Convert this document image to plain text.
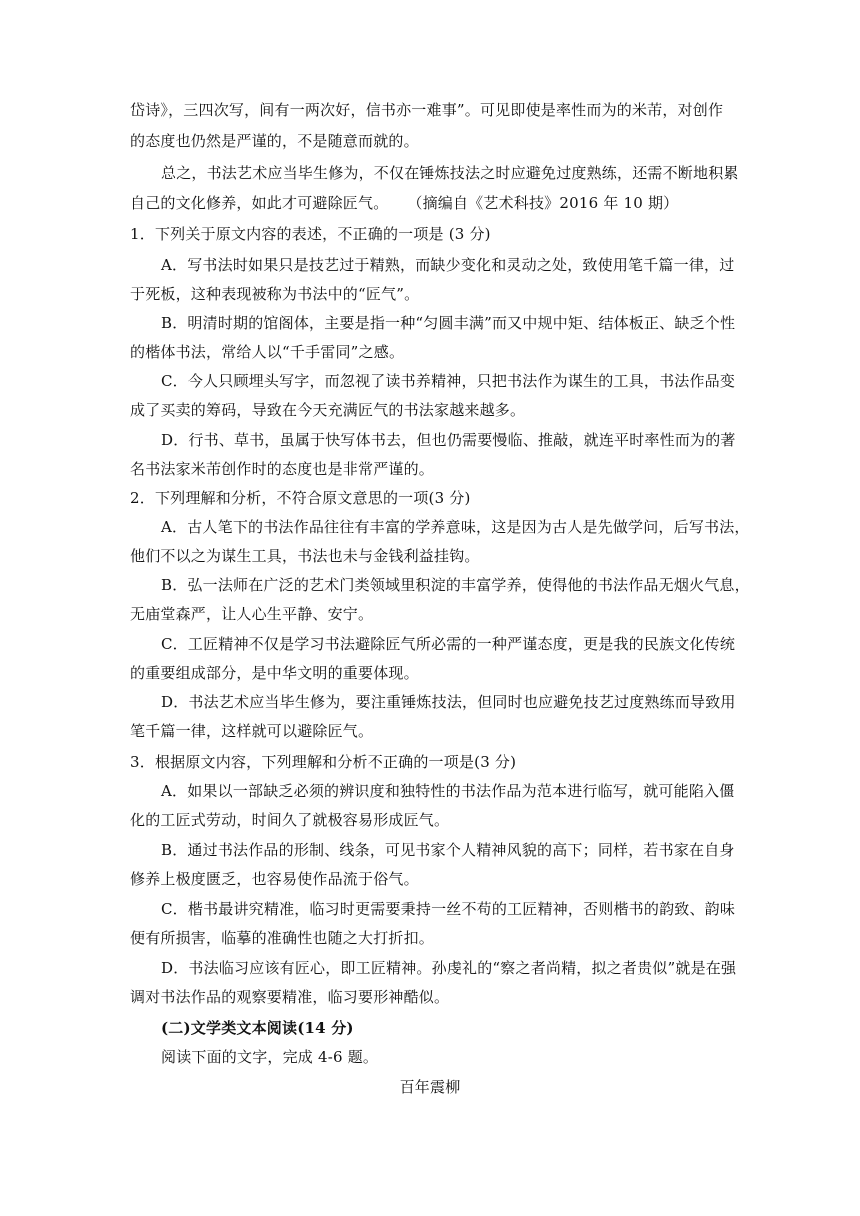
岱诗》，三四次写，间有一两次好，信书亦一难事”。可见即使是率性而为的米芾，对创作
的态度也仍然是严谨的，不是随意而就的。
总之，书法艺术应当毕生修为，不仅在锤炼技法之时应避免过度熟练，还需不断地积累
自己的文化修养，如此才可避除匠气。 （摘编自《艺术科技》2016 年 10 期）
1．下列关于原文内容的表述，不正确的一项是 (3 分)
A．写书法时如果只是技艺过于精熟，而缺少变化和灵动之处，致使用笔千篇一律，过
于死板，这种表现被称为书法中的“匠气”。
B．明清时期的馆阁体，主要是指一种“匀圆丰满”而又中规中矩、结体板正、缺乏个性
的楷体书法，常给人以“千手雷同”之感。
C．今人只顾埋头写字，而忽视了读书养精神，只把书法作为谋生的工具，书法作品变
成了买卖的筹码，导致在今天充满匠气的书法家越来越多。
D．行书、草书，虽属于快写体书去，但也仍需要慢临、推敲，就连平时率性而为的著
名书法家米芾创作时的态度也是非常严谨的。
2．下列理解和分析，不符合原文意思的一项(3 分)
A．古人笔下的书法作品往往有丰富的学养意味，这是因为古人是先做学问，后写书法，
他们不以之为谋生工具，书法也未与金钱利益挂钩。
B．弘一法师在广泛的艺术门类领域里积淀的丰富学养，使得他的书法作品无烟火气息，
无庙堂森严，让人心生平静、安宁。
C．工匠精神不仅是学习书法避除匠气所必需的一种严谨态度，更是我的民族文化传统
的重要组成部分，是中华文明的重要体现。
D．书法艺术应当毕生修为，要注重锤炼技法，但同时也应避免技艺过度熟练而导致用
笔千篇一律，这样就可以避除匠气。
3．根据原文内容，下列理解和分析不正确的一项是(3 分)
A．如果以一部缺乏必须的辨识度和独特性的书法作品为范本进行临写，就可能陷入僵
化的工匠式劳动，时间久了就极容易形成匠气。
B．通过书法作品的形制、线条，可见书家个人精神风貌的高下；同样，若书家在自身
修养上极度匮乏，也容易使作品流于俗气。
C．楷书最讲究精准，临习时更需要秉持一丝不苟的工匠精神，否则楷书的韵致、韵味
便有所损害，临摹的准确性也随之大打折扣。
D．书法临习应该有匠心，即工匠精神。孙虔礼的“察之者尚精，拟之者贵似”就是在强
调对书法作品的观察要精准，临习要形神酷似。
(二)文学类文本阅读(14 分)
阅读下面的文字，完成 4-6 题。
百年震柳
